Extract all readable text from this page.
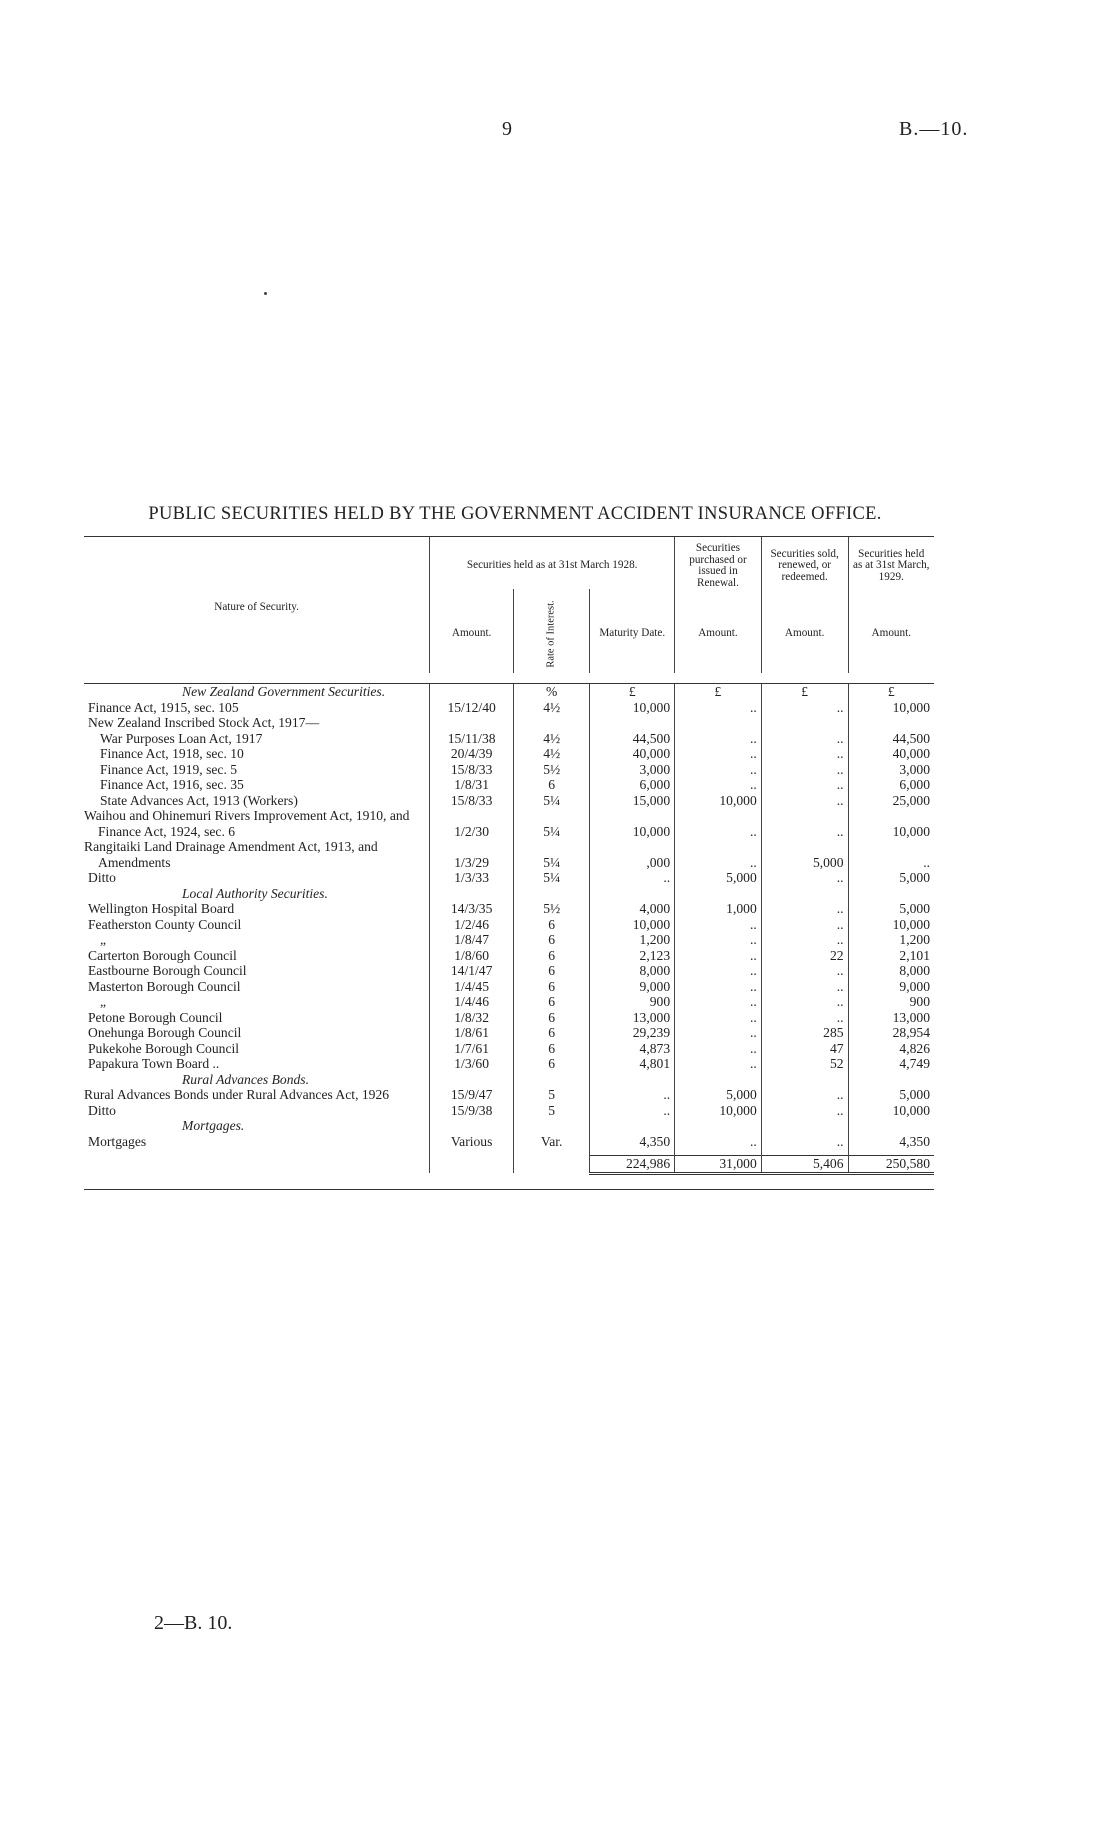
9	B.—10.
PUBLIC SECURITIES HELD BY THE GOVERNMENT ACCIDENT INSURANCE OFFICE.
Nature of Security.	Securities held as at 31st March 1928.			Securities purchased or issued in Renewal.	Securities sold, renewed, or redeemed.	Securities held as at 31st March, 1929.
	Amount.	Rate of Interest.	Maturity Date.	Amount.	Amount.	Amount.

New Zealand Government Securities.		%	£	£	£	£
Finance Act, 1915, sec. 105	15/12/40	4½	10,000	..	..	10,000
New Zealand Inscribed Stock Act, 1917—						
War Purposes Loan Act, 1917	15/11/38	4½	44,500	..	..	44,500
Finance Act, 1918, sec. 10	20/4/39	4½	40,000	..	..	40,000
Finance Act, 1919, sec. 5	15/8/33	5½	3,000	..	..	3,000
Finance Act, 1916, sec. 35	1/8/31	6	6,000	..	..	6,000
State Advances Act, 1913 (Workers)	15/8/33	5¼	15,000	10,000	..	25,000
Waihou and Ohinemuri Rivers Improvement Act, 1910, and Finance Act, 1924, sec. 6	1/2/30	5¼	10,000	..	..	10,000
Rangitaiki Land Drainage Amendment Act, 1913, and Amendments	1/3/29	5¼	,000	..	5,000	..
Ditto	1/3/33	5¼	..	5,000	..	5,000
Local Authority Securities.						
Wellington Hospital Board	14/3/35	5½	4,000	1,000	..	5,000
Featherston County Council	1/2/46	6	10,000	..	..	10,000
„	1/8/47	6	1,200	..	..	1,200
Carterton Borough Council	1/8/60	6	2,123	..	22	2,101
Eastbourne Borough Council	14/1/47	6	8,000	..	..	8,000
Masterton Borough Council	1/4/45	6	9,000	..	..	9,000
„	1/4/46	6	900	..	..	900
Petone Borough Council	1/8/32	6	13,000	..	..	13,000
Onehunga Borough Council	1/8/61	6	29,239	..	285	28,954
Pukekohe Borough Council	1/7/61	6	4,873	..	47	4,826
Papakura Town Board ..	1/3/60	6	4,801	..	52	4,749
Rural Advances Bonds.						
Rural Advances Bonds under Rural Advances Act, 1926	15/9/47	5	..	5,000	..	5,000
Ditto	15/9/38	5	..	10,000	..	10,000
Mortgages.						
Mortgages	Various	Var.	4,350	..	..	4,350

			224,986	31,000	5,406	250,580

2—B. 10.
